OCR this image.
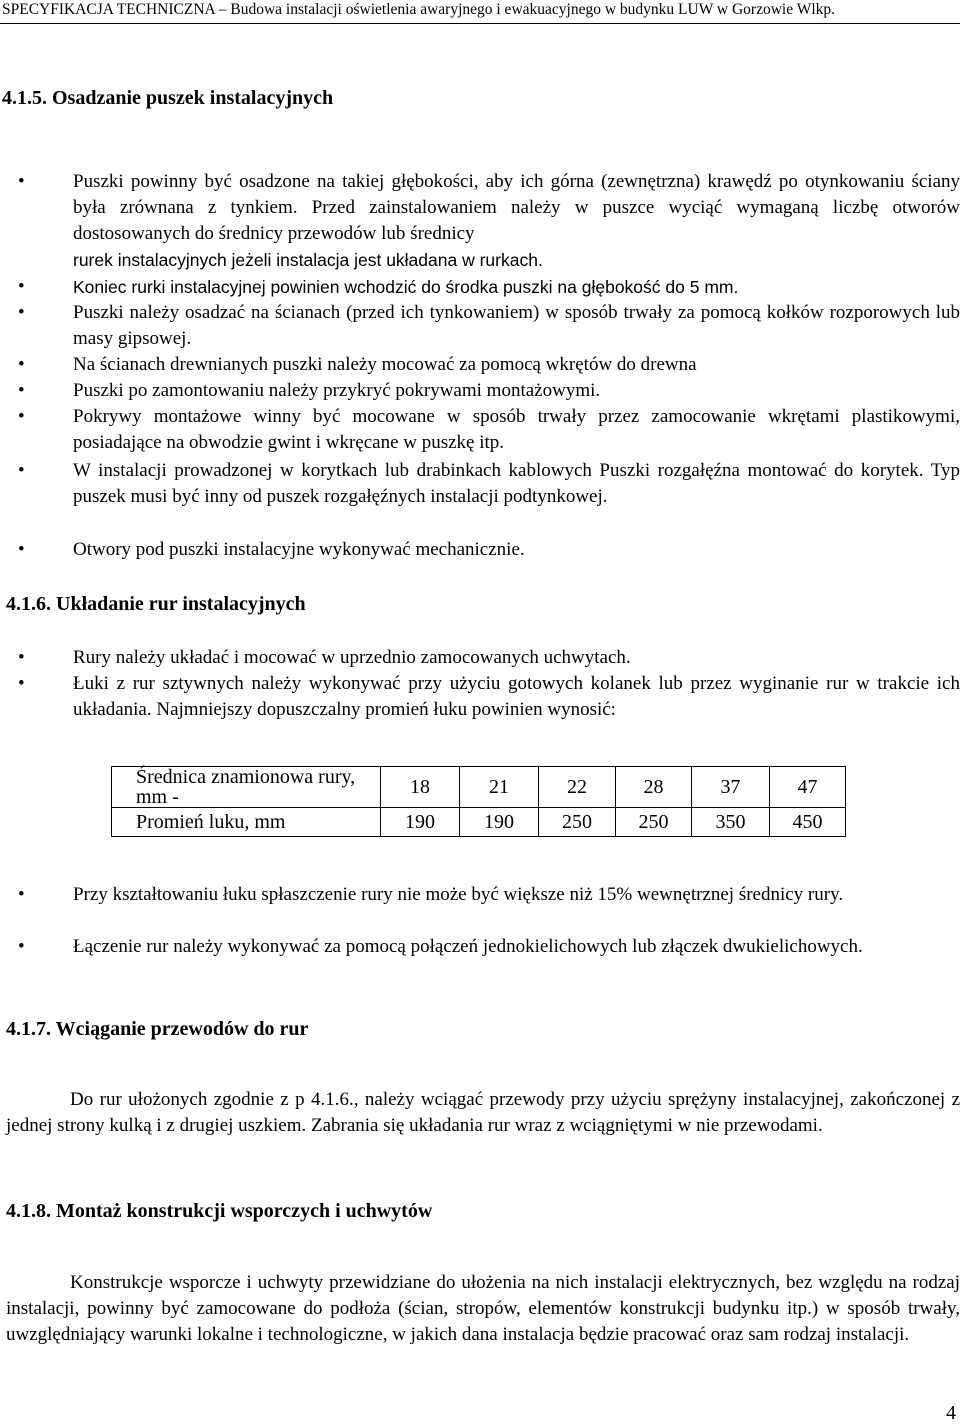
SPECYFIKACJA TECHNICZNA – Budowa instalacji oświetlenia awaryjnego i ewakuacyjnego w budynku LUW w Gorzowie Wlkp.
4.1.5. Osadzanie puszek instalacyjnych
•	Puszki powinny być osadzone na takiej głębokości, aby ich górna (zewnętrzna) krawędź po otynkowaniu ściany była zrównana z tynkiem. Przed zainstalowaniem należy w puszce wyciąć wymaganą liczbę otworów dostosowanych do średnicy przewodów lub średnicy
rurek instalacyjnych jeżeli instalacja jest układana w rurkach.
•	Koniec rurki instalacyjnej powinien wchodzić do środka puszki na głębokość do 5 mm.
•	Puszki należy osadzać na ścianach (przed ich tynkowaniem) w sposób trwały za pomocą kołków rozporowych lub masy gipsowej.
•	Na ścianach drewnianych puszki należy mocować za pomocą wkrętów do drewna
•	Puszki po zamontowaniu należy przykryć pokrywami montażowymi.
•	Pokrywy montażowe winny być mocowane w sposób trwały przez zamocowanie wkrętami plastikowymi, posiadające na obwodzie gwint i wkręcane w puszkę itp.
•	W instalacji prowadzonej w korytkach lub drabinkach kablowych Puszki rozgałęźna montować do korytek. Typ puszek musi być inny od puszek rozgałęźnych instalacji podtynkowej.
•	Otwory pod puszki instalacyjne wykonywać mechanicznie.
4.1.6. Układanie rur instalacyjnych
•	Rury należy układać i mocować w uprzednio zamocowanych uchwytach.
•	Łuki z rur sztywnych należy wykonywać przy użyciu gotowych kolanek lub przez wyginanie rur w trakcie ich układania. Najmniejszy dopuszczalny promień łuku powinien wynosić:
Średnica znamionowa rury, mm -	18	21	22	28	37	47
Promień luku, mm	190	190	250	250	350	450
•	Przy kształtowaniu łuku spłaszczenie rury nie może być większe niż 15% wewnętrznej średnicy rury.
•	Łączenie rur należy wykonywać za pomocą połączeń jednokielichowych lub złączek dwukielichowych.
4.1.7. Wciąganie przewodów do rur
Do rur ułożonych zgodnie z p 4.1.6., należy wciągać przewody przy użyciu sprężyny instalacyjnej, zakończonej z jednej strony kulką i z drugiej uszkiem. Zabrania się układania rur wraz z wciągniętymi w nie przewodami.
4.1.8. Montaż konstrukcji wsporczych i uchwytów
Konstrukcje wsporcze i uchwyty przewidziane do ułożenia na nich instalacji elektrycznych, bez względu na rodzaj instalacji, powinny być zamocowane do podłoża (ścian, stropów, elementów konstrukcji budynku itp.) w sposób trwały, uwzględniający warunki lokalne i technologiczne, w jakich dana instalacja będzie pracować oraz sam rodzaj instalacji.
4
